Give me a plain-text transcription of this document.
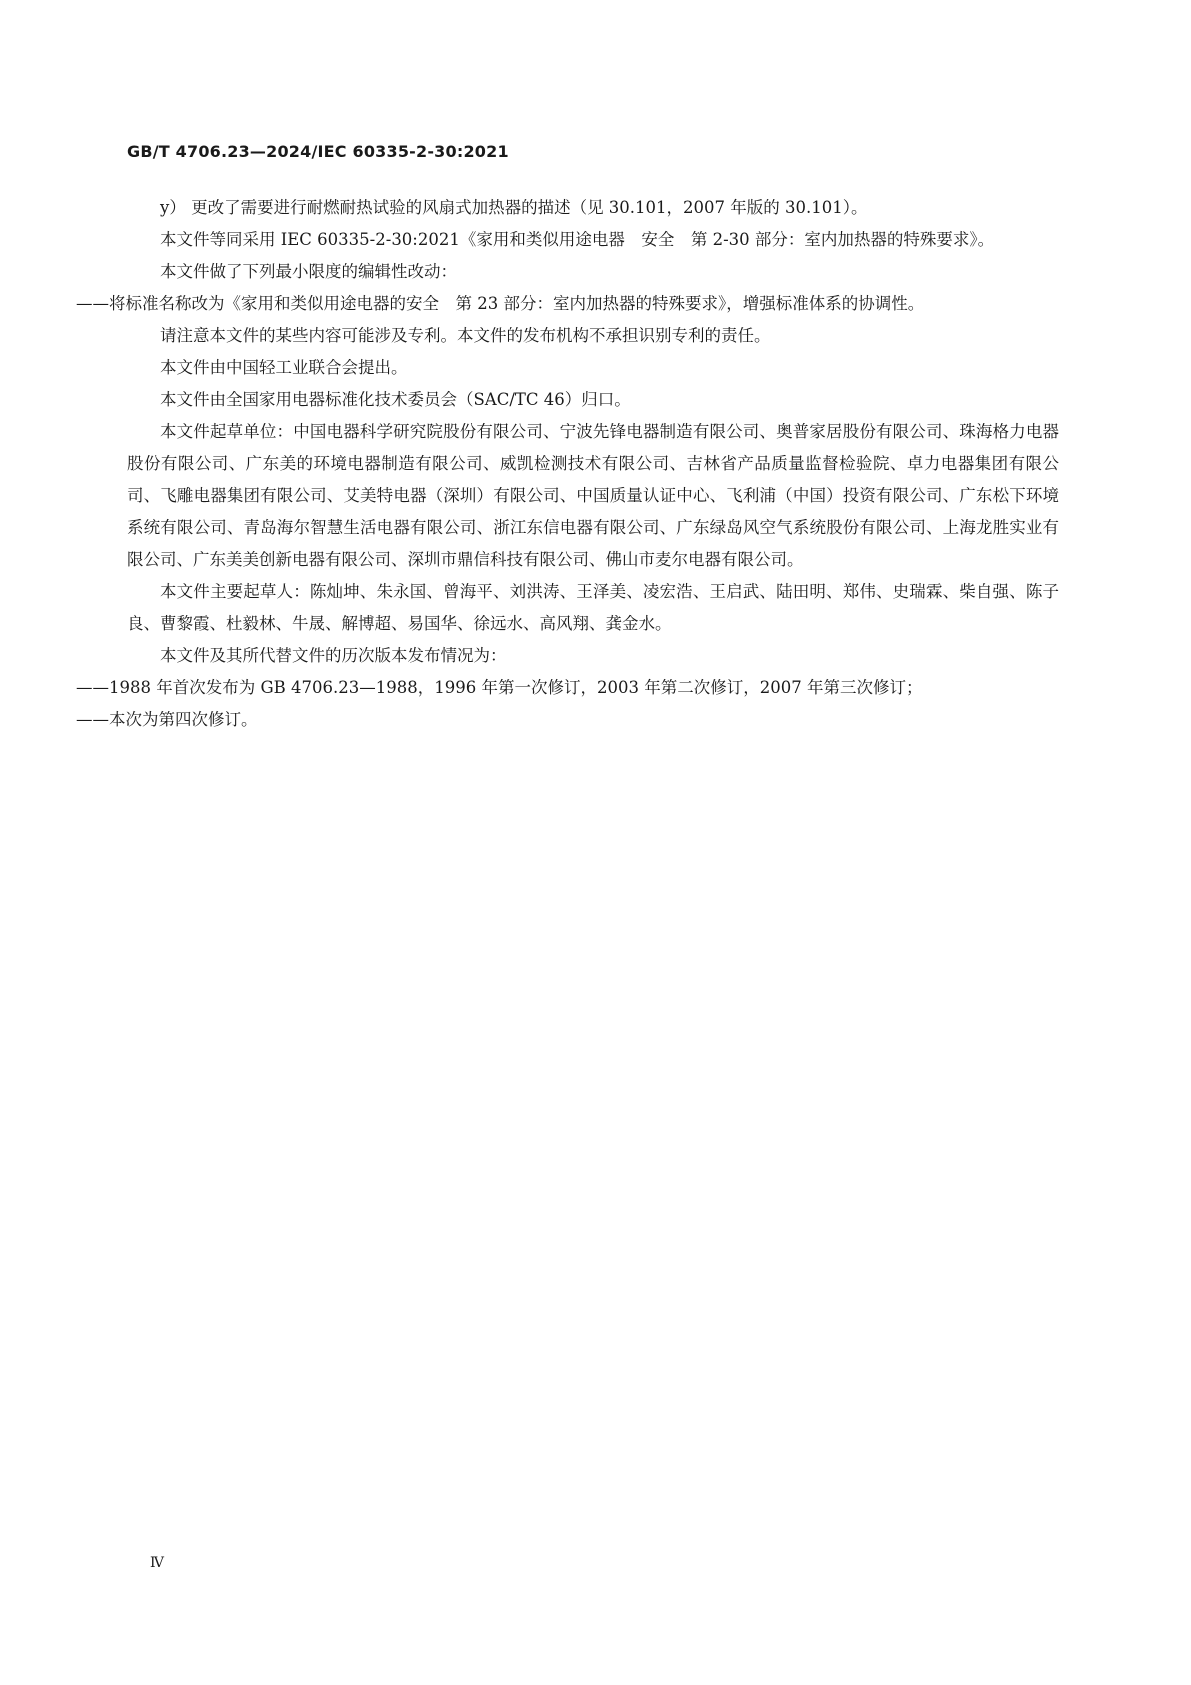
GB/T 4706.23—2024/IEC 60335-2-30:2021

y） 更改了需要进行耐燃耐热试验的风扇式加热器的描述（见 30.101，2007 年版的 30.101）。

本文件等同采用 IEC 60335-2-30:2021《家用和类似用途电器　安全　第 2-30 部分：室内加热器的特殊要求》。

本文件做了下列最小限度的编辑性改动：

——将标准名称改为《家用和类似用途电器的安全　第 23 部分：室内加热器的特殊要求》，增强标准体系的协调性。

请注意本文件的某些内容可能涉及专利。本文件的发布机构不承担识别专利的责任。

本文件由中国轻工业联合会提出。

本文件由全国家用电器标准化技术委员会（SAC/TC 46）归口。

本文件起草单位：中国电器科学研究院股份有限公司、宁波先锋电器制造有限公司、奥普家居股份有限公司、珠海格力电器股份有限公司、广东美的环境电器制造有限公司、威凯检测技术有限公司、吉林省产品质量监督检验院、卓力电器集团有限公司、飞雕电器集团有限公司、艾美特电器（深圳）有限公司、中国质量认证中心、飞利浦（中国）投资有限公司、广东松下环境系统有限公司、青岛海尔智慧生活电器有限公司、浙江东信电器有限公司、广东绿岛风空气系统股份有限公司、上海龙胜实业有限公司、广东美美创新电器有限公司、深圳市鼎信科技有限公司、佛山市麦尔电器有限公司。

本文件主要起草人：陈灿坤、朱永国、曾海平、刘洪涛、王泽美、凌宏浩、王启武、陆田明、郑伟、史瑞霖、柴自强、陈子良、曹黎霞、杜毅林、牛晟、解博超、易国华、徐远水、高风翔、龚金水。

本文件及其所代替文件的历次版本发布情况为：

——1988 年首次发布为 GB 4706.23—1988，1996 年第一次修订，2003 年第二次修订，2007 年第三次修订；

——本次为第四次修订。

Ⅳ
